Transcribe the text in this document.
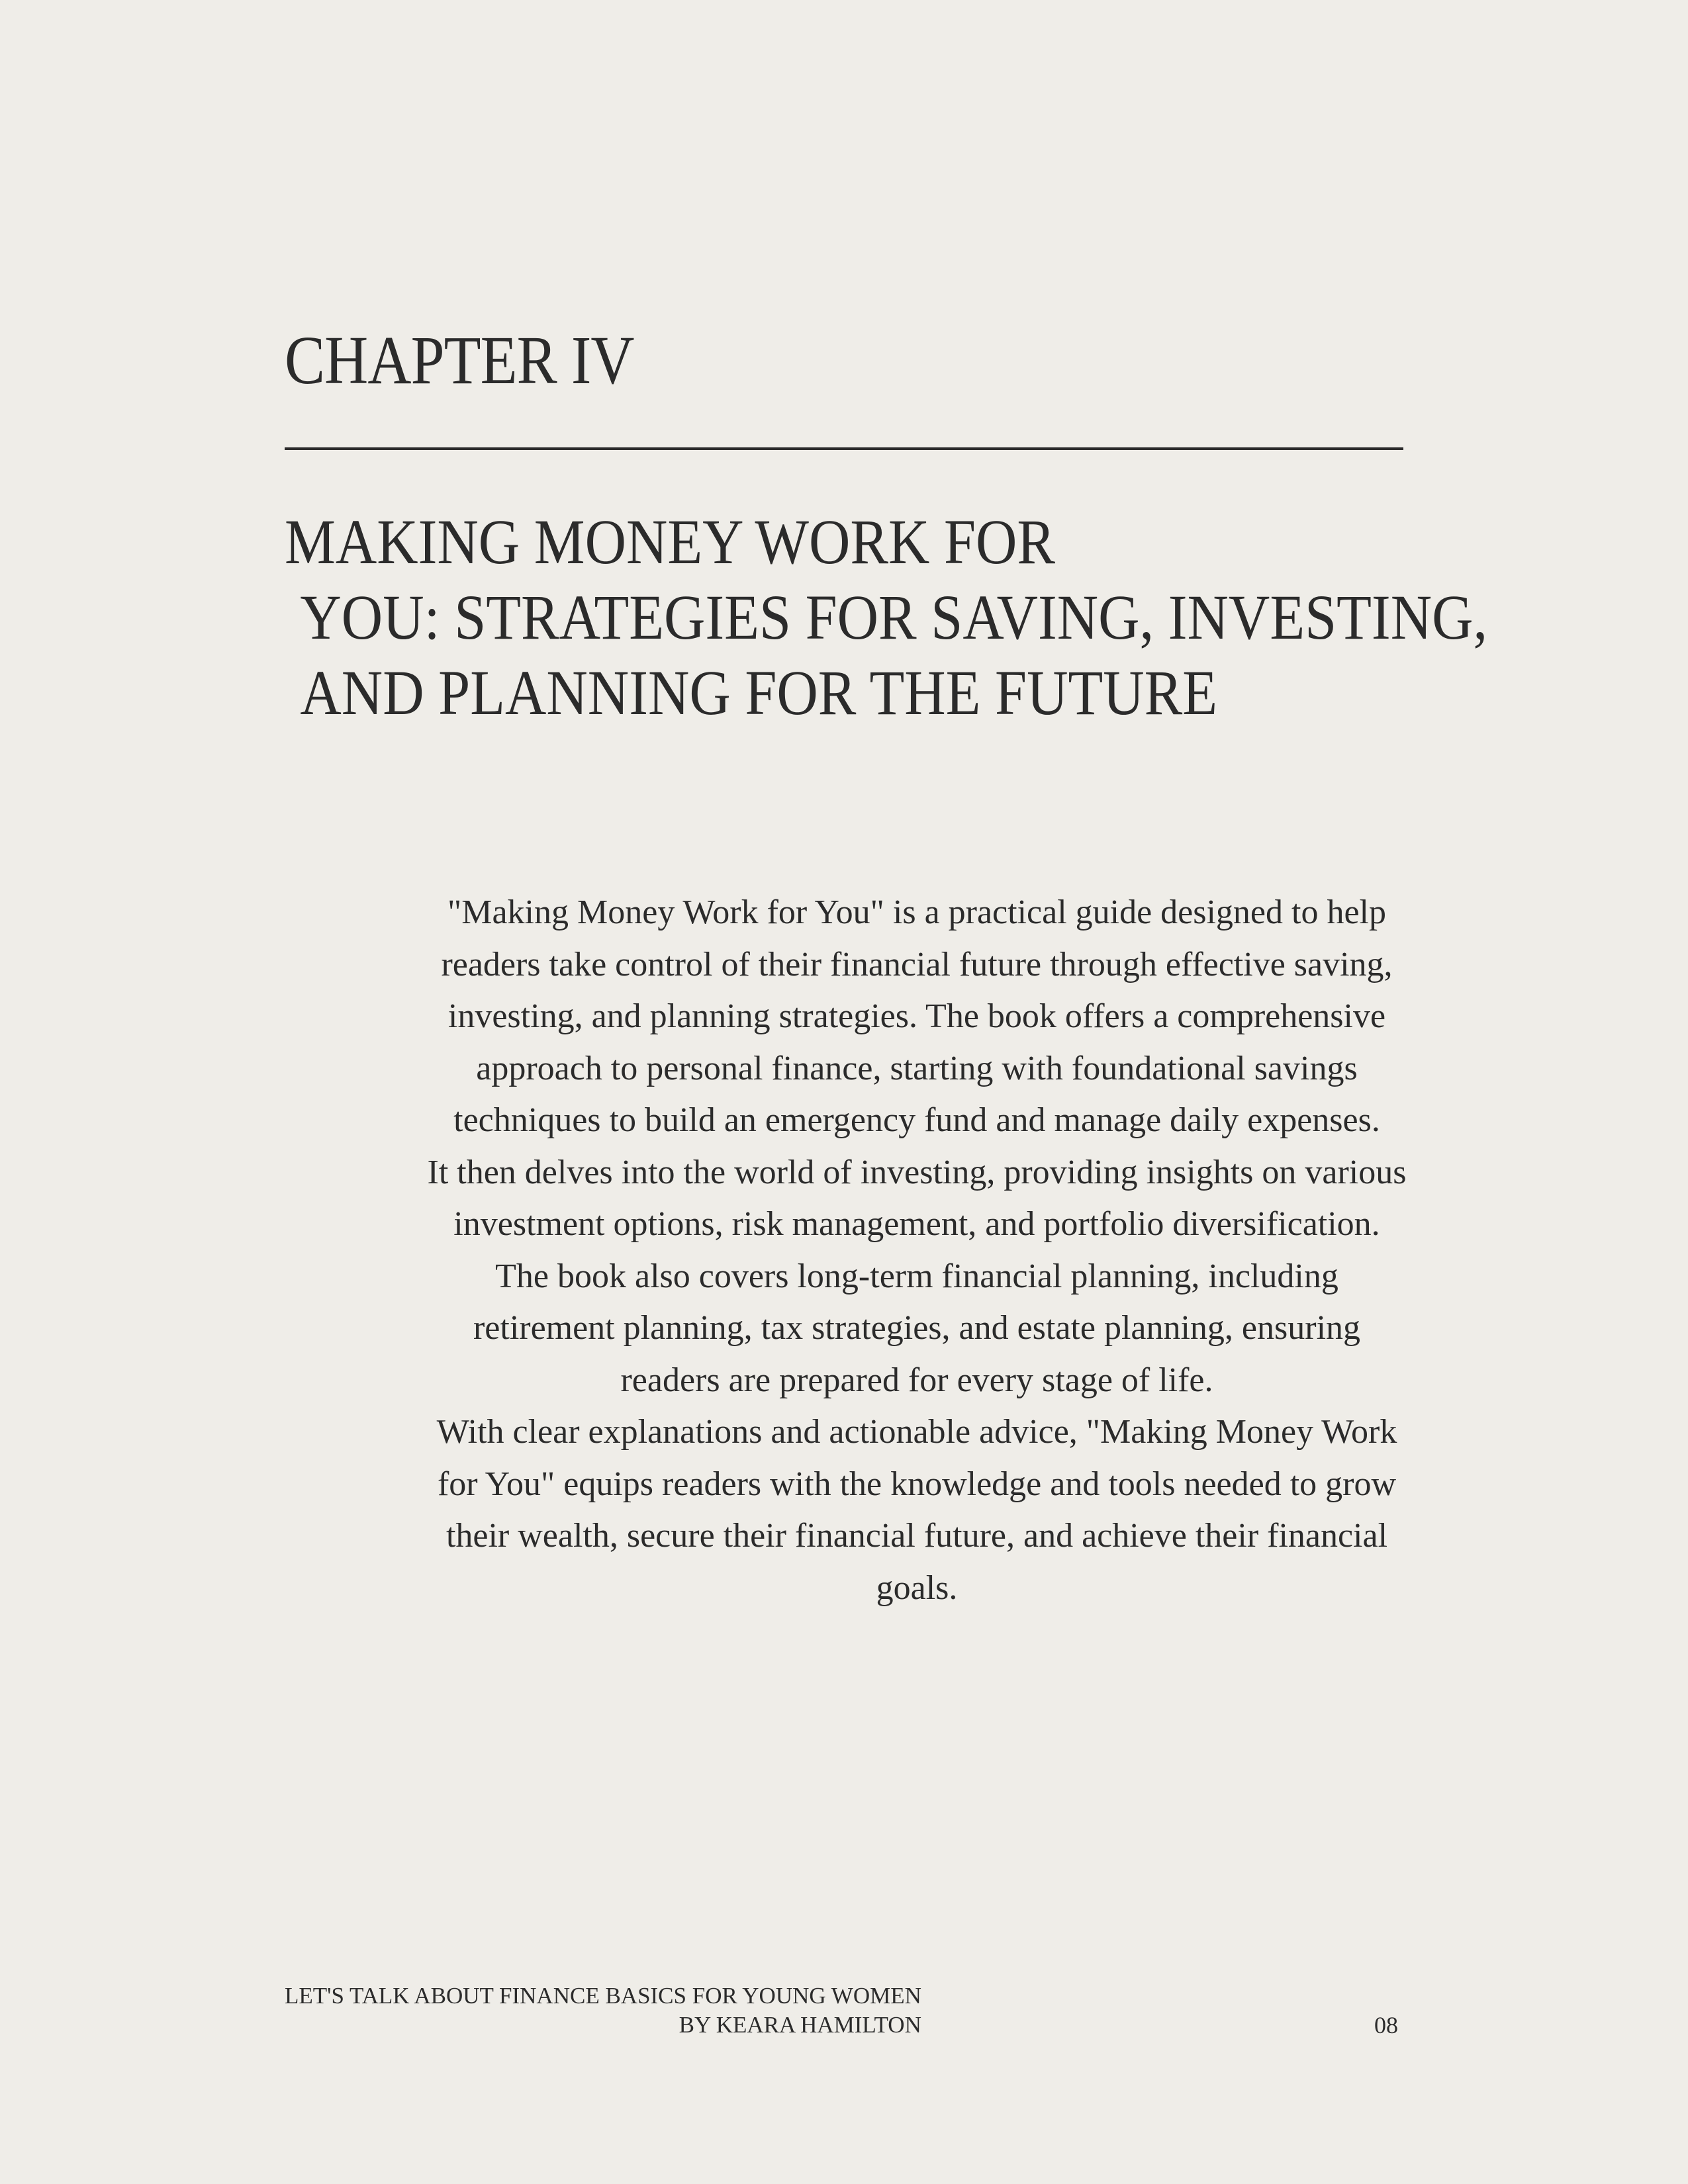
CHAPTER IV
MAKING MONEY WORK FOR
YOU: STRATEGIES FOR SAVING, INVESTING,
AND PLANNING FOR THE FUTURE

"Making Money Work for You" is a practical guide designed to help readers take control of their financial future through effective saving, investing, and planning strategies. The book offers a comprehensive approach to personal finance, starting with foundational savings techniques to build an emergency fund and manage daily expenses.

It then delves into the world of investing, providing insights on various investment options, risk management, and portfolio diversification. The book also covers long-term financial planning, including retirement planning, tax strategies, and estate planning, ensuring readers are prepared for every stage of life.

With clear explanations and actionable advice, "Making Money Work for You" equips readers with the knowledge and tools needed to grow their wealth, secure their financial future, and achieve their financial goals.

LET'S TALK ABOUT FINANCE BASICS FOR YOUNG WOMEN
BY KEARA HAMILTON	08
